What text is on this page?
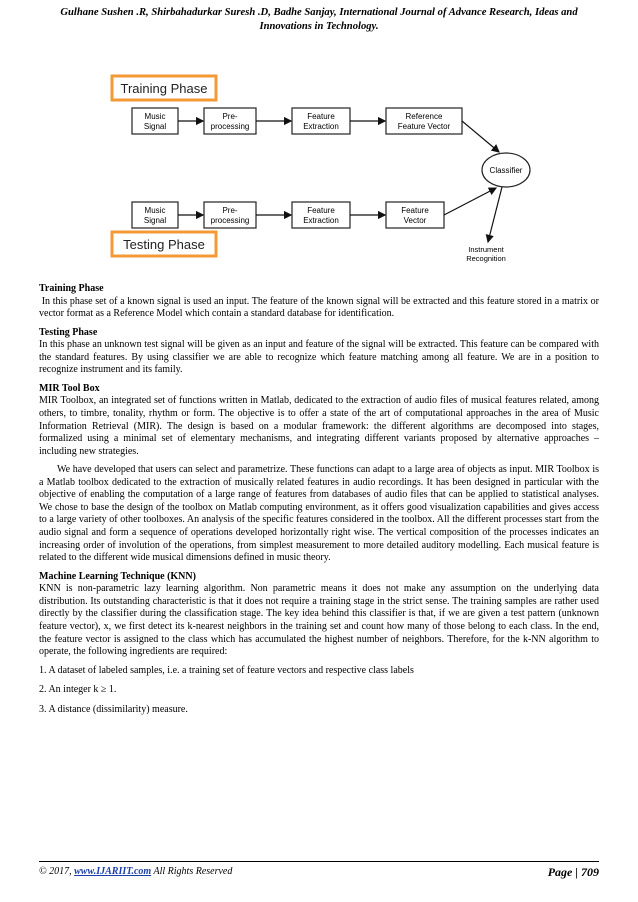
Gulhane Sushen .R, Shirbahadurkar Suresh .D, Badhe Sanjay, International Journal of Advance Research, Ideas and
Innovations in Technology.
Training Phase
Music
Signal
Pre-
processing
Feature
Extraction
Reference
Feature Vector
Classifier
Music
Signal
Pre-
processing
Feature
Extraction
Feature
Vector
Instrument
Recognition
Testing Phase
Training Phase

In this phase set of a known signal is used an input. The feature of the known signal will be extracted and this feature stored in a matrix or vector format as a Reference Model which contain a standard database for identification.

Testing Phase

In this phase an unknown test signal will be given as an input and feature of the signal will be extracted. This feature can be compared with the standard features. By using classifier we are able to recognize which feature matching among all feature. We are in a position to recognize instrument and its family.

MIR Tool Box

MIR Toolbox, an integrated set of functions written in Matlab, dedicated to the extraction of audio files of musical features related, among others, to timbre, tonality, rhythm or form. The objective is to offer a state of the art of computational approaches in the area of Music Information Retrieval (MIR). The design is based on a modular framework: the different algorithms are decomposed into stages, formalized using a minimal set of elementary mechanisms, and integrating different variants proposed by alternative approaches – including new strategies.

We have developed that users can select and parametrize. These functions can adapt to a large area of objects as input. MIR Toolbox is a Matlab toolbox dedicated to the extraction of musically related features in audio recordings. It has been designed in particular with the objective of enabling the computation of a large range of features from databases of audio files that can be applied to statistical analyses. We chose to base the design of the toolbox on Matlab computing environment, as it offers good visualization capabilities and gives access to a large variety of other toolboxes. An analysis of the specific features considered in the toolbox. All the different processes start from the audio signal and form a sequence of operations developed horizontally right wise. The vertical composition of the processes indicates an increasing order of involution of the operations, from simplest measurement to more detailed auditory modelling. Each musical feature is related to the different wide musical dimensions defined in music theory.

Machine Learning Technique (KNN)

KNN is non-parametric lazy learning algorithm. Non parametric means it does not make any assumption on the underlying data distribution. Its outstanding characteristic is that it does not require a training stage in the strict sense. The training samples are rather used directly by the classifier during the classification stage. The key idea behind this classifier is that, if we are given a test pattern (unknown feature vector), x, we first detect its k-nearest neighbors in the training set and count how many of those belong to each class. In the end, the feature vector is assigned to the class which has accumulated the highest number of neighbors. Therefore, for the k-NN algorithm to operate, the following ingredients are required:

1. A dataset of labeled samples, i.e. a training set of feature vectors and respective class labels

2. An integer k ≥ 1.

3. A distance (dissimilarity) measure.

© 2017, www.IJARIIT.com All Rights Reserved	Page | 709
